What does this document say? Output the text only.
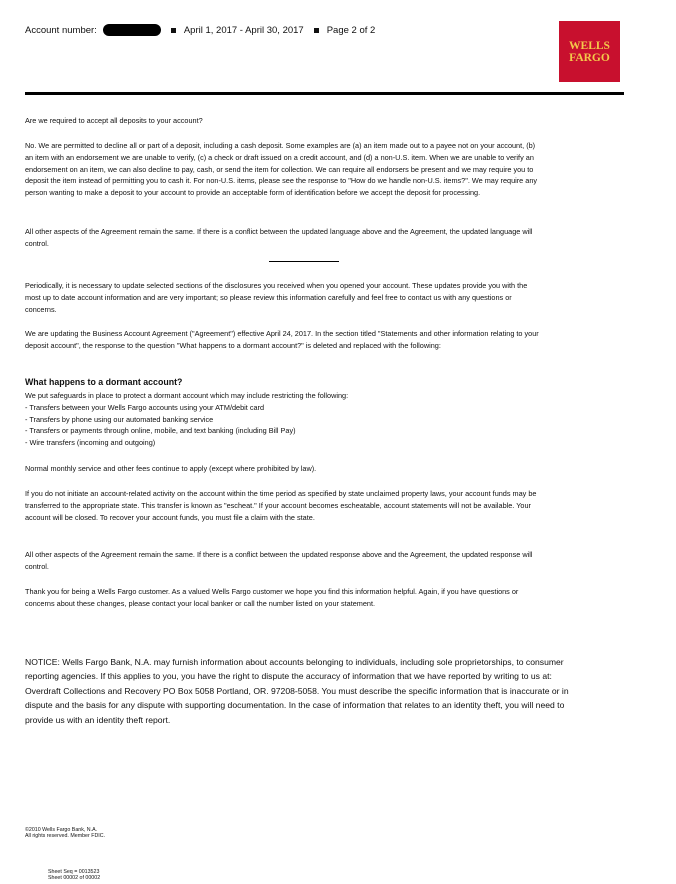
Account number:	April 1, 2017 - April 30, 2017 Page 2 of 2
WELLS
FARGO
Are we required to accept all deposits to your account?
No. We are permitted to decline all or part of a deposit, including a cash deposit. Some examples are (a) an item made out to a payee not on your account, (b) an item with an endorsement we are unable to verify, (c) a check or draft issued on a credit account, and (d) a non-U.S. item. When we are unable to verify an endorsement on an item, we can also decline to pay, cash, or send the item for collection. We can require all endorsers be present and we may require you to deposit the item instead of permitting you to cash it. For non-U.S. items, please see the response to "How do we handle non-U.S. items?". We may require any person wanting to make a deposit to your account to provide an acceptable form of identification before we accept the deposit for processing.
All other aspects of the Agreement remain the same. If there is a conflict between the updated language above and the Agreement, the updated language will control.
Periodically, it is necessary to update selected sections of the disclosures you received when you opened your account. These updates provide you with the most up to date account information and are very important; so please review this information carefully and feel free to contact us with any questions or concerns.
We are updating the Business Account Agreement ("Agreement") effective April 24, 2017. In the section titled "Statements and other information relating to your deposit account", the response to the question "What happens to a dormant account?" is deleted and replaced with the following:
What happens to a dormant account?

We put safeguards in place to protect a dormant account which may include restricting the following:

- Transfers between your Wells Fargo accounts using your ATM/debit card

- Transfers by phone using our automated banking service

- Transfers or payments through online, mobile, and text banking (including Bill Pay)

- Wire transfers (incoming and outgoing)

Normal monthly service and other fees continue to apply (except where prohibited by law).
If you do not initiate an account-related activity on the account within the time period as specified by state unclaimed property laws, your account funds may be transferred to the appropriate state. This transfer is known as "escheat." If your account becomes escheatable, account statements will not be available. Your account will be closed. To recover your account funds, you must file a claim with the state.
All other aspects of the Agreement remain the same. If there is a conflict between the updated response above and the Agreement, the updated response will control.
Thank you for being a Wells Fargo customer. As a valued Wells Fargo customer we hope you find this information helpful. Again, if you have questions or concerns about these changes, please contact your local banker or call the number listed on your statement.
NOTICE: Wells Fargo Bank, N.A. may furnish information about accounts belonging to individuals, including sole proprietorships, to consumer reporting agencies. If this applies to you, you have the right to dispute the accuracy of information that we have reported by writing to us at: Overdraft Collections and Recovery PO Box 5058 Portland, OR. 97208-5058. You must describe the specific information that is inaccurate or in dispute and the basis for any dispute with supporting documentation. In the case of information that relates to an identity theft, you will need to provide us with an identity theft report.
©2010 Wells Fargo Bank, N.A.
All rights reserved. Member FDIC.
Sheet Seq = 0013523
Sheet 00002 of 00002
